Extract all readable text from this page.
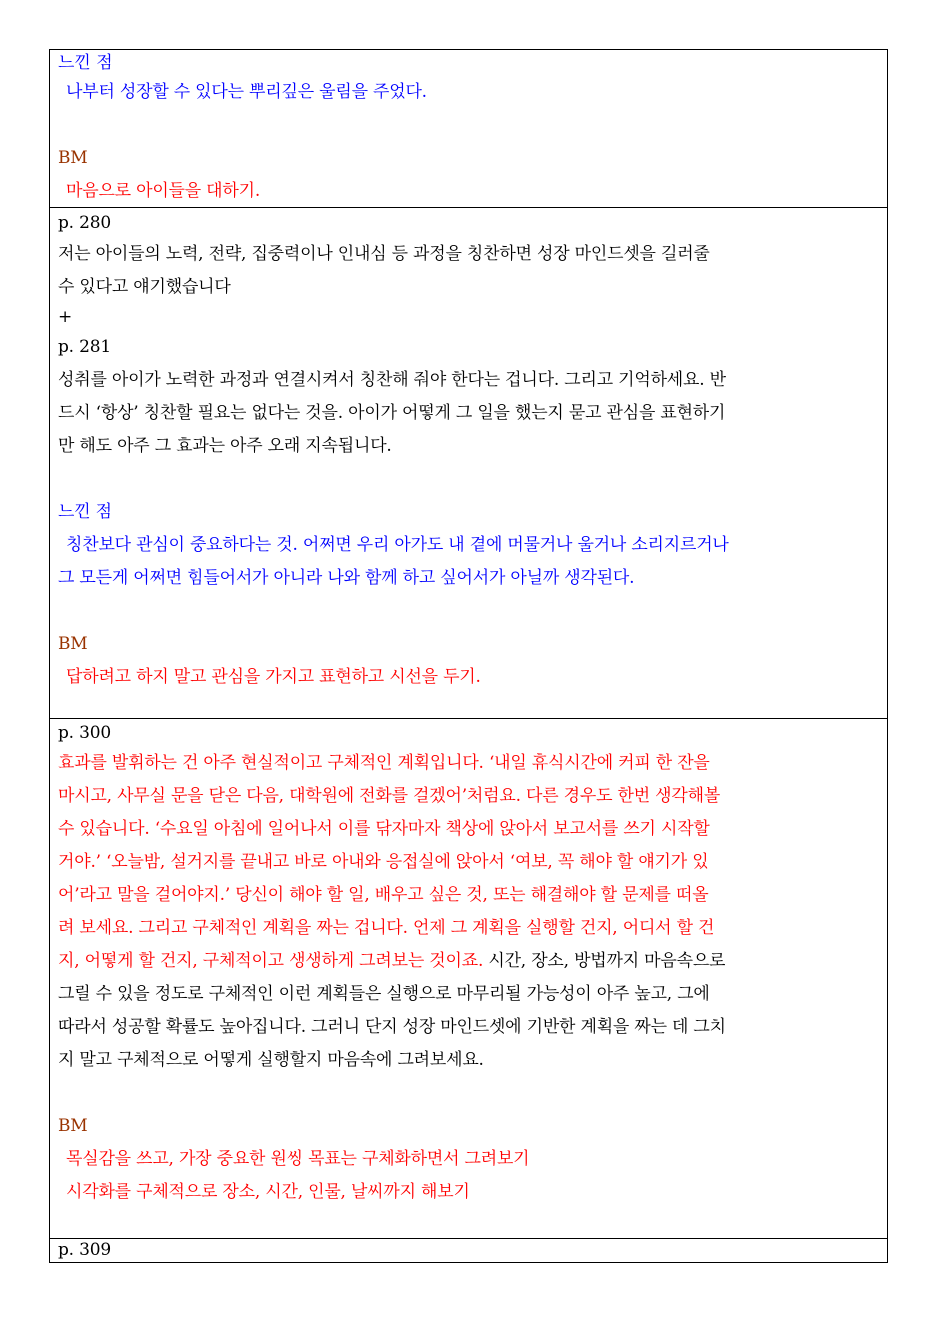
느낀 점
나부터 성장할 수 있다는 뿌리깊은 울림을 주었다.
BM
마음으로 아이들을 대하기.
p. 280
저는 아이들의 노력, 전략, 집중력이나 인내심 등 과정을 칭찬하면 성장 마인드셋을 길러줄
수 있다고 얘기했습니다
+
p. 281
성취를 아이가 노력한 과정과 연결시켜서 칭찬해 줘야 한다는 겁니다. 그리고 기억하세요. 반
드시 ‘항상’ 칭찬할 필요는 없다는 것을. 아이가 어떻게 그 일을 했는지 묻고 관심을 표현하기
만 해도 아주 그 효과는 아주 오래 지속됩니다.
느낀 점
칭찬보다 관심이 중요하다는 것. 어쩌면 우리 아가도 내 곁에 머물거나 울거나 소리지르거나
그 모든게 어쩌면 힘들어서가 아니라 나와 함께 하고 싶어서가 아닐까 생각된다.
BM
답하려고 하지 말고 관심을 가지고 표현하고 시선을 두기.
p. 300
효과를 발휘하는 건 아주 현실적이고 구체적인 계획입니다. ‘내일 휴식시간에 커피 한 잔을
마시고, 사무실 문을 닫은 다음, 대학원에 전화를 걸겠어’처럼요. 다른 경우도 한번 생각해볼
수 있습니다. ‘수요일 아침에 일어나서 이를 닦자마자 책상에 앉아서 보고서를 쓰기 시작할
거야.’ ‘오늘밤, 설거지를 끝내고 바로 아내와 응접실에 앉아서 ‘여보, 꼭 해야 할 얘기가 있
어’라고 말을 걸어야지.’ 당신이 해야 할 일, 배우고 싶은 것, 또는 해결해야 할 문제를 떠올
려 보세요. 그리고 구체적인 계획을 짜는 겁니다. 언제 그 계획을 실행할 건지, 어디서 할 건
지, 어떻게 할 건지, 구체적이고 생생하게 그려보는 것이죠. 시간, 장소, 방법까지 마음속으로
그릴 수 있을 정도로 구체적인 이런 계획들은 실행으로 마무리될 가능성이 아주 높고, 그에
따라서 성공할 확률도 높아집니다. 그러니 단지 성장 마인드셋에 기반한 계획을 짜는 데 그치
지 말고 구체적으로 어떻게 실행할지 마음속에 그려보세요.
BM
목실감을 쓰고, 가장 중요한 원씽 목표는 구체화하면서 그려보기
시각화를 구체적으로 장소, 시간, 인물, 날씨까지 해보기
p. 309
